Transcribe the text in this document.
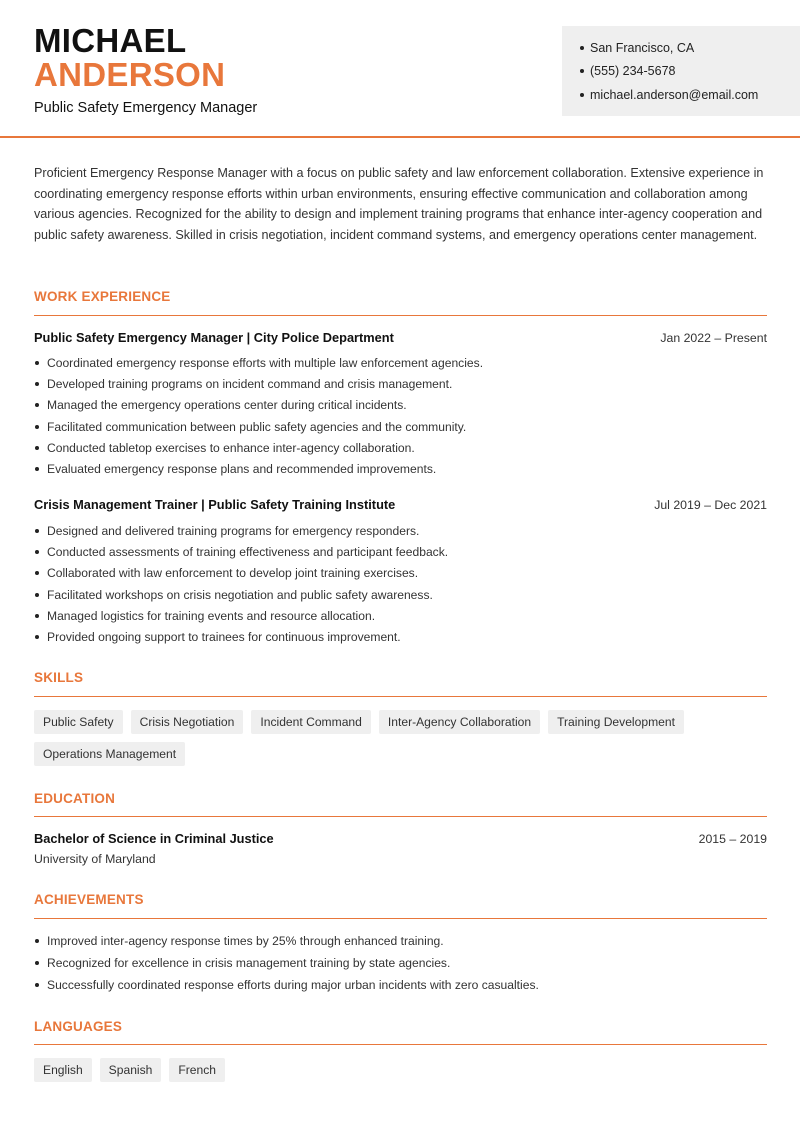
MICHAEL
ANDERSON
Public Safety Emergency Manager
San Francisco, CA
(555) 234-5678
michael.anderson@email.com

Proficient Emergency Response Manager with a focus on public safety and law enforcement collaboration. Extensive experience in coordinating emergency response efforts within urban environments, ensuring effective communication and collaboration among various agencies. Recognized for the ability to design and implement training programs that enhance inter-agency cooperation and public safety awareness. Skilled in crisis negotiation, incident command systems, and emergency operations center management.

WORK EXPERIENCE
Public Safety Emergency Manager | City Police Department	Jan 2022 – Present
Coordinated emergency response efforts with multiple law enforcement agencies.
Developed training programs on incident command and crisis management.
Managed the emergency operations center during critical incidents.
Facilitated communication between public safety agencies and the community.
Conducted tabletop exercises to enhance inter-agency collaboration.
Evaluated emergency response plans and recommended improvements.
Crisis Management Trainer | Public Safety Training Institute	Jul 2019 – Dec 2021
Designed and delivered training programs for emergency responders.
Conducted assessments of training effectiveness and participant feedback.
Collaborated with law enforcement to develop joint training exercises.
Facilitated workshops on crisis negotiation and public safety awareness.
Managed logistics for training events and resource allocation.
Provided ongoing support to trainees for continuous improvement.
SKILLS
Public Safety	Crisis Negotiation	Incident Command	Inter-Agency Collaboration	Training Development
Operations Management
EDUCATION
Bachelor of Science in Criminal Justice	2015 – 2019
University of Maryland
ACHIEVEMENTS
Improved inter-agency response times by 25% through enhanced training.
Recognized for excellence in crisis management training by state agencies.
Successfully coordinated response efforts during major urban incidents with zero casualties.
LANGUAGES
English	Spanish	French
